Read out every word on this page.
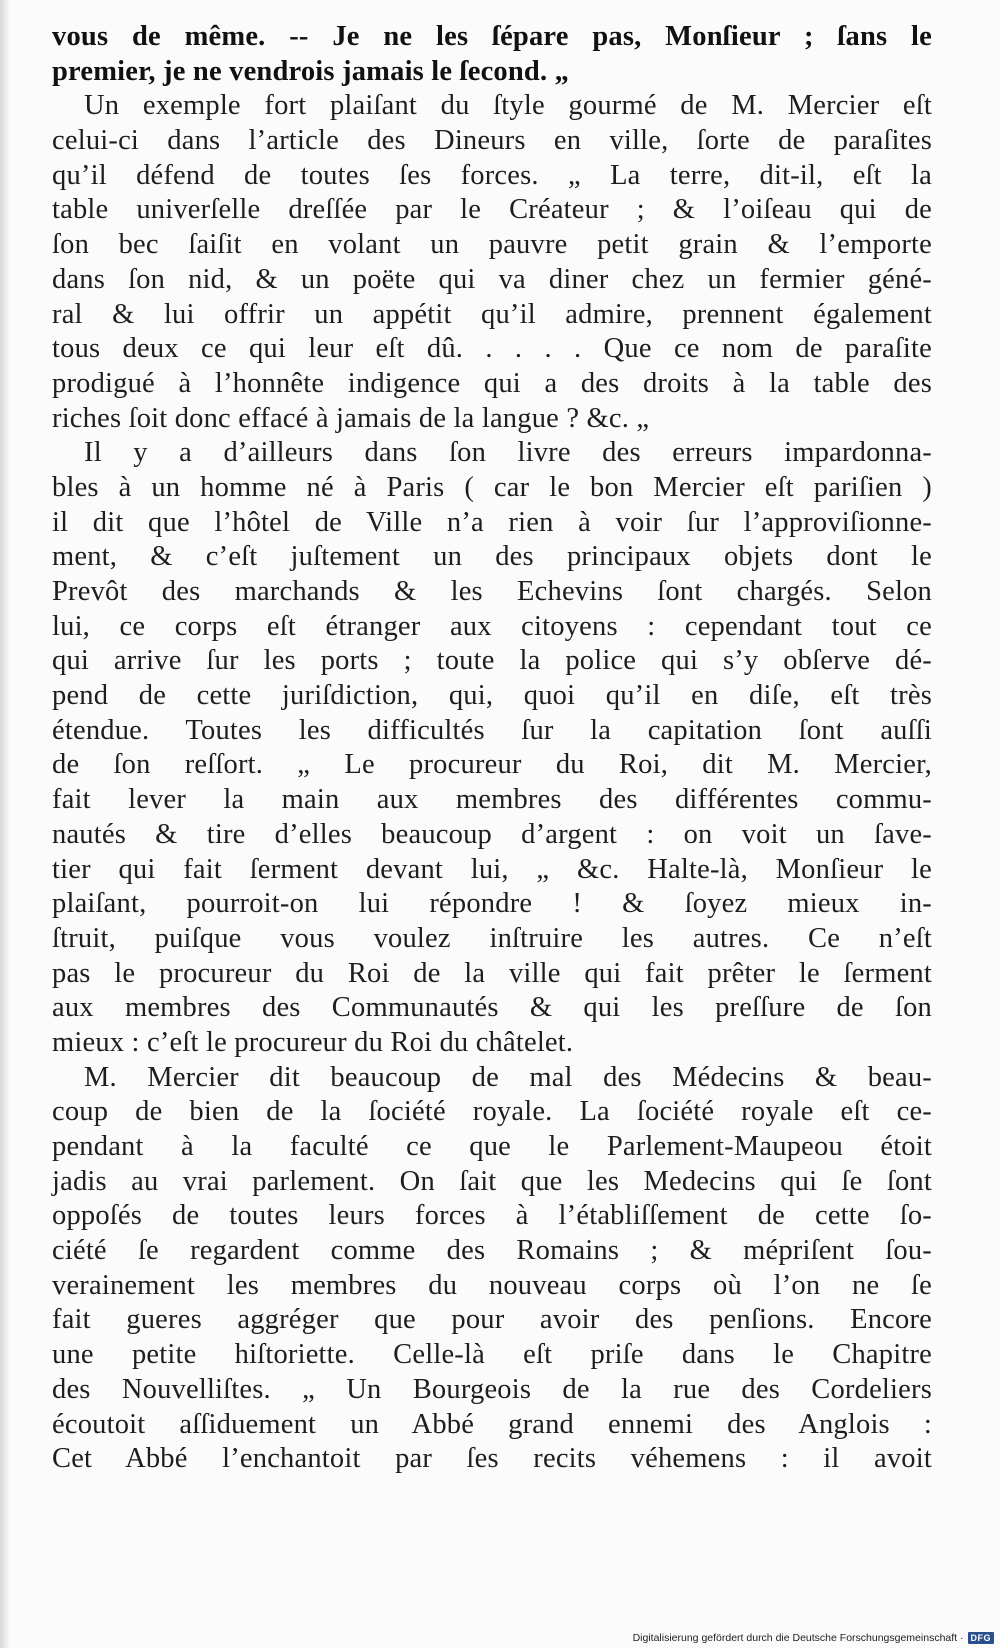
vous de même. -- Je ne les ſépare pas, Monſieur ; ſans le
premier, je ne vendrois jamais le ſecond. „
Un exemple fort plaiſant du ſtyle gourmé de M. Mercier eſt
celui-ci dans l’article des Dineurs en ville, ſorte de paraſites
qu’il défend de toutes ſes forces. „ La terre, dit-il, eſt la
table univerſelle dreſſée par le Créateur ; & l’oiſeau qui de
ſon bec ſaiſit en volant un pauvre petit grain & l’emporte
dans ſon nid, & un poëte qui va diner chez un fermier géné-
ral & lui offrir un appétit qu’il admire, prennent également
tous deux ce qui leur eſt dû. . . . . Que ce nom de paraſite
prodigué à l’honnête indigence qui a des droits à la table des
riches ſoit donc effacé à jamais de la langue ? &c. „
Il y a d’ailleurs dans ſon livre des erreurs impardonna-
bles à un homme né à Paris ( car le bon Mercier eſt pariſien )
il dit que l’hôtel de Ville n’a rien à voir ſur l’approviſionne-
ment, & c’eſt juſtement un des principaux objets dont le
Prevôt des marchands & les Echevins ſont chargés. Selon
lui, ce corps eſt étranger aux citoyens : cependant tout ce
qui arrive ſur les ports ; toute la police qui s’y obſerve dé-
pend de cette juriſdiction, qui, quoi qu’il en diſe, eſt très
étendue. Toutes les difficultés ſur la capitation ſont auſſi
de ſon reſſort. „ Le procureur du Roi, dit M. Mercier,
fait lever la main aux membres des différentes commu-
nautés & tire d’elles beaucoup d’argent : on voit un ſave-
tier qui fait ſerment devant lui, „ &c. Halte-là, Monſieur le
plaiſant, pourroit-on lui répondre ! & ſoyez mieux in-
ſtruit, puiſque vous voulez inſtruire les autres. Ce n’eſt
pas le procureur du Roi de la ville qui fait prêter le ſerment
aux membres des Communautés & qui les preſſure de ſon
mieux : c’eſt le procureur du Roi du châtelet.
M. Mercier dit beaucoup de mal des Médecins & beau-
coup de bien de la ſociété royale. La ſociété royale eſt ce-
pendant à la faculté ce que le Parlement-Maupeou étoit
jadis au vrai parlement. On ſait que les Medecins qui ſe ſont
oppoſés de toutes leurs forces à l’établiſſement de cette ſo-
ciété ſe regardent comme des Romains ; & mépriſent ſou-
verainement les membres du nouveau corps où l’on ne ſe
fait gueres aggréger que pour avoir des penſions. Encore
une petite hiſtoriette. Celle-là eſt priſe dans le Chapitre
des Nouvelliſtes. „ Un Bourgeois de la rue des Cordeliers
écoutoit aſſiduement un Abbé grand ennemi des Anglois :
Cet Abbé l’enchantoit par ſes recits véhemens : il avoit
Digitalisierung gefördert durch die Deutsche Forschungsgemeinschaft · DFG
